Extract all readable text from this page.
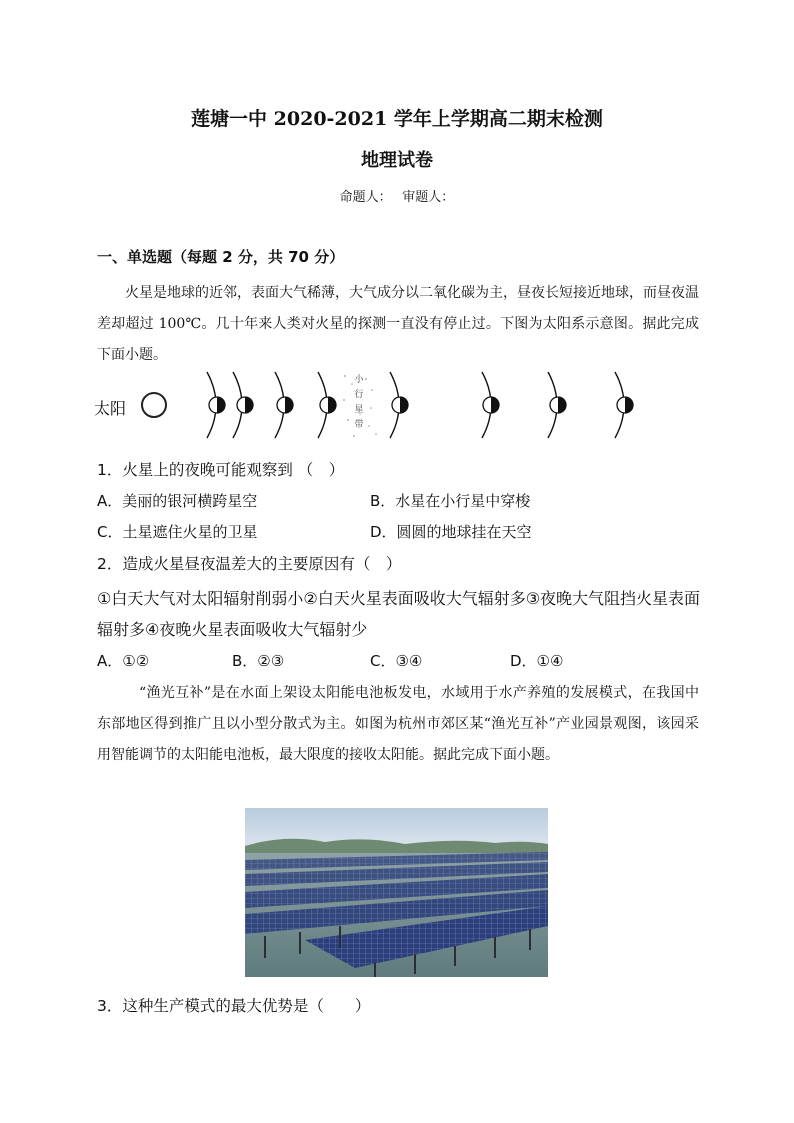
莲塘一中 2020-2021 学年上学期高二期末检测
地理试卷
命题人：　 审题人：
一、单选题（每题 2 分，共 70 分）
火星是地球的近邻，表面大气稀薄，大气成分以二氧化碳为主，昼夜长短接近地球，而昼夜温差却超过 100℃。几十年来人类对火星的探测一直没有停止过。下图为太阳系示意图。据此完成下面小题。
太阳
小
行
星
带
1．火星上的夜晚可能观察到 （　）
A．美丽的银河横跨星空	B．水星在小行星中穿梭
C．土星遮住火星的卫星	D．圆圆的地球挂在天空
2．造成火星昼夜温差大的主要原因有（　）
①白天大气对太阳辐射削弱小②白天火星表面吸收大气辐射多③夜晚大气阻挡火星表面
辐射多④夜晚火星表面吸收大气辐射少
A．①②	B．②③	C．③④	D．①④
“渔光互补”是在水面上架设太阳能电池板发电，水域用于水产养殖的发展模式，在我国中东部地区得到推广且以小型分散式为主。如图为杭州市郊区某“渔光互补”产业园景观图，该园采用智能调节的太阳能电池板，最大限度的接收太阳能。据此完成下面小题。
3．这种生产模式的最大优势是（　　）
